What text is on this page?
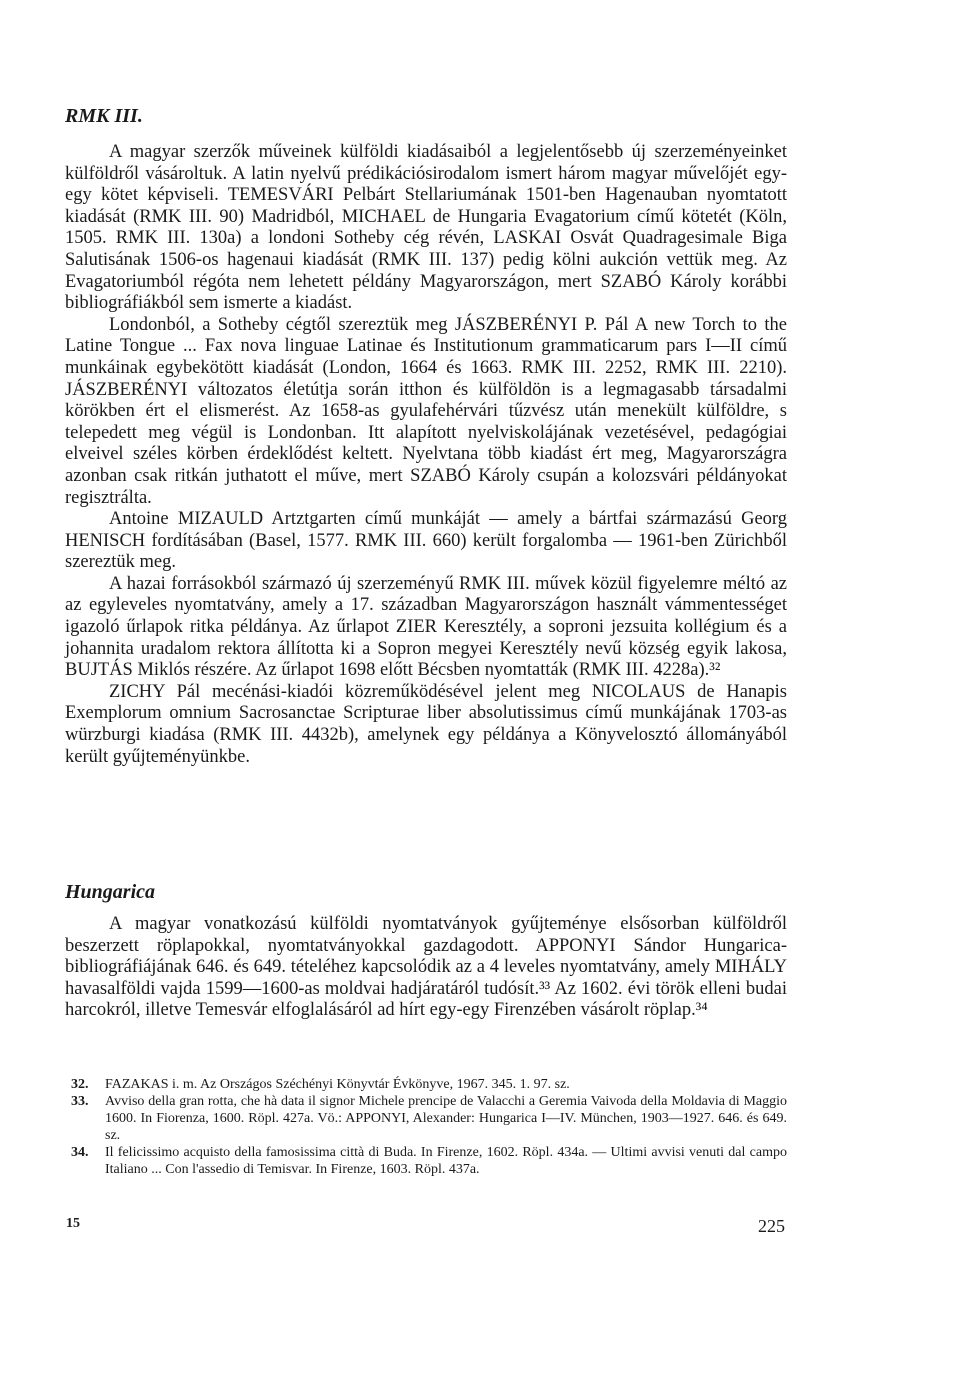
RMK III.

A magyar szerzők műveinek külföldi kiadásaiból a legjelentősebb új szerzeményeinket külföldről vásároltuk. A latin nyelvű prédikációsirodalom ismert három magyar művelőjét egy-egy kötet képviseli. TEMESVÁRI Pelbárt Stellariumának 1501-ben Hagenauban nyomtatott kiadását (RMK III. 90) Madridból, MICHAEL de Hungaria Evagatorium című kötetét (Köln, 1505. RMK III. 130a) a londoni Sotheby cég révén, LASKAI Osvát Quadragesimale Biga Salutisának 1506-os hagenaui kiadását (RMK III. 137) pedig kölni aukción vettük meg. Az Evagatoriumból régóta nem lehetett példány Magyarországon, mert SZABÓ Károly korábbi bibliográfiákból sem ismerte a kiadást.

Londonból, a Sotheby cégtől szereztük meg JÁSZBERÉNYI P. Pál A new Torch to the Latine Tongue ... Fax nova linguae Latinae és Institutionum grammaticarum pars I—II című munkáinak egybekötött kiadását (London, 1664 és 1663. RMK III. 2252, RMK III. 2210). JÁSZBERÉNYI változatos életútja során itthon és külföldön is a legmagasabb társadalmi körökben ért el elismerést. Az 1658-as gyulafehérvári tűzvész után menekült külföldre, s telepedett meg végül is Londonban. Itt alapított nyelviskolájának vezetésével, pedagógiai elveivel széles körben érdeklődést keltett. Nyelvtana több kiadást ért meg, Magyarországra azonban csak ritkán juthatott el műve, mert SZABÓ Károly csupán a kolozsvári példányokat regisztrálta.

Antoine MIZAULD Artztgarten című munkáját — amely a bártfai származású Georg HENISCH fordításában (Basel, 1577. RMK III. 660) került forgalomba — 1961-ben Zürichből szereztük meg.

A hazai forrásokból származó új szerzeményű RMK III. művek közül figyelemre méltó az az egyleveles nyomtatvány, amely a 17. században Magyarországon használt vámmentességet igazoló űrlapok ritka példánya. Az űrlapot ZIER Keresztély, a soproni jezsuita kollégium és a johannita uradalom rektora állította ki a Sopron megyei Keresztély nevű község egyik lakosa, BUJTÁS Miklós részére. Az űrlapot 1698 előtt Bécsben nyomtatták (RMK III. 4228a).³²

ZICHY Pál mecénási-kiadói közreműködésével jelent meg NICOLAUS de Hanapis Exemplorum omnium Sacrosanctae Scripturae liber absolutissimus című munkájának 1703-as würzburgi kiadása (RMK III. 4432b), amelynek egy példánya a Könyvelosztó állományából került gyűjteményünkbe.

Hungarica

A magyar vonatkozású külföldi nyomtatványok gyűjteménye elsősorban külföldről beszerzett röplapokkal, nyomtatványokkal gazdagodott. APPONYI Sándor Hungarica-bibliográfiájának 646. és 649. tételéhez kapcsolódik az a 4 leveles nyomtatvány, amely MIHÁLY havasalföldi vajda 1599—1600-as moldvai hadjáratáról tudósít.³³ Az 1602. évi török elleni budai harcokról, illetve Temesvár elfoglalásáról ad hírt egy-egy Firenzében vásárolt röplap.³⁴

32.	FAZAKAS i. m. Az Országos Széchényi Könyvtár Évkönyve, 1967. 345. 1. 97. sz.

33.	Avviso della gran rotta, che hà data il signor Michele prencipe de Valacchi a Geremia Vaivoda della Moldavia di Maggio 1600. In Fiorenza, 1600. Röpl. 427a. Vö.: APPONYI, Alexander: Hungarica I—IV. München, 1903—1927. 646. és 649. sz.

34.	Il felicissimo acquisto della famosissima città di Buda. In Firenze, 1602. Röpl. 434a. — Ultimi avvisi venuti dal campo Italiano ... Con l'assedio di Temisvar. In Firenze, 1603. Röpl. 437a.

15	225
